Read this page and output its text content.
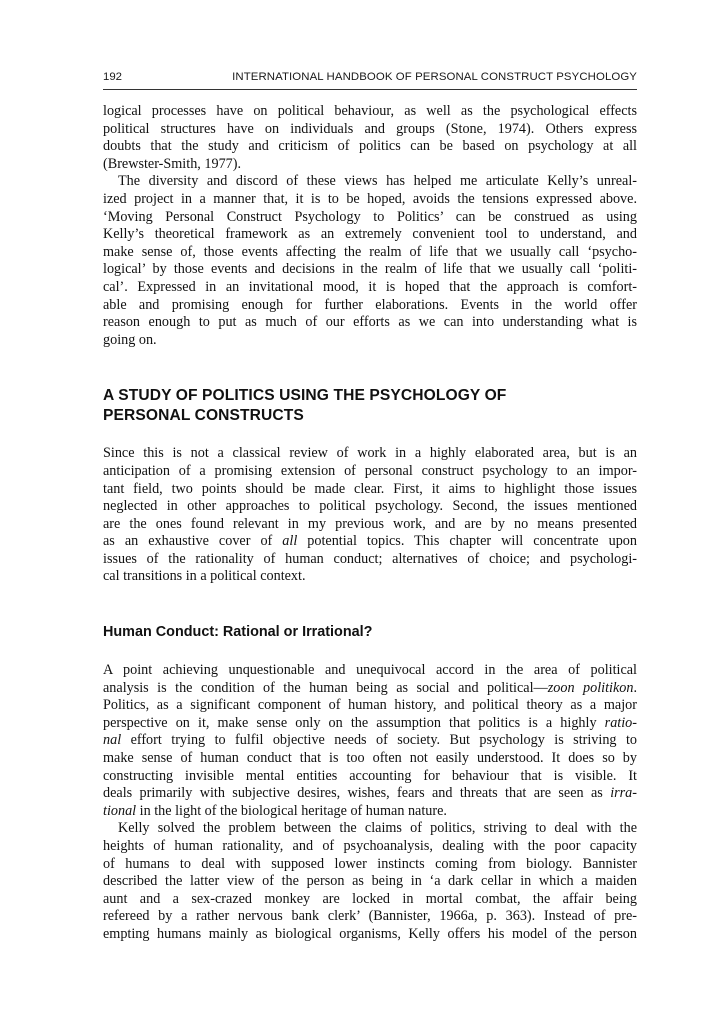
192	INTERNATIONAL HANDBOOK OF PERSONAL CONSTRUCT PSYCHOLOGY

logical processes have on political behaviour, as well as the psychological effects
political structures have on individuals and groups (Stone, 1974). Others express
doubts that the study and criticism of politics can be based on psychology at all
(Brewster-Smith, 1977).

The diversity and discord of these views has helped me articulate Kelly’s unreal-
ized project in a manner that, it is to be hoped, avoids the tensions expressed above.
‘Moving Personal Construct Psychology to Politics’ can be construed as using
Kelly’s theoretical framework as an extremely convenient tool to understand, and
make sense of, those events affecting the realm of life that we usually call ‘psycho-
logical’ by those events and decisions in the realm of life that we usually call ‘politi-
cal’. Expressed in an invitational mood, it is hoped that the approach is comfort-
able and promising enough for further elaborations. Events in the world offer
reason enough to put as much of our efforts as we can into understanding what is
going on.

A STUDY OF POLITICS USING THE PSYCHOLOGY OF
PERSONAL CONSTRUCTS

Since this is not a classical review of work in a highly elaborated area, but is an
anticipation of a promising extension of personal construct psychology to an impor-
tant field, two points should be made clear. First, it aims to highlight those issues
neglected in other approaches to political psychology. Second, the issues mentioned
are the ones found relevant in my previous work, and are by no means presented
as an exhaustive cover of all potential topics. This chapter will concentrate upon
issues of the rationality of human conduct; alternatives of choice; and psychologi-
cal transitions in a political context.

Human Conduct: Rational or Irrational?

A point achieving unquestionable and unequivocal accord in the area of political
analysis is the condition of the human being as social and political—zoon politikon.
Politics, as a significant component of human history, and political theory as a major
perspective on it, make sense only on the assumption that politics is a highly ratio-
nal effort trying to fulfil objective needs of society. But psychology is striving to
make sense of human conduct that is too often not easily understood. It does so by
constructing invisible mental entities accounting for behaviour that is visible. It
deals primarily with subjective desires, wishes, fears and threats that are seen as irra-
tional in the light of the biological heritage of human nature.

Kelly solved the problem between the claims of politics, striving to deal with the
heights of human rationality, and of psychoanalysis, dealing with the poor capacity
of humans to deal with supposed lower instincts coming from biology. Bannister
described the latter view of the person as being in ‘a dark cellar in which a maiden
aunt and a sex-crazed monkey are locked in mortal combat, the affair being
refereed by a rather nervous bank clerk’ (Bannister, 1966a, p. 363). Instead of pre-
empting humans mainly as biological organisms, Kelly offers his model of the person
